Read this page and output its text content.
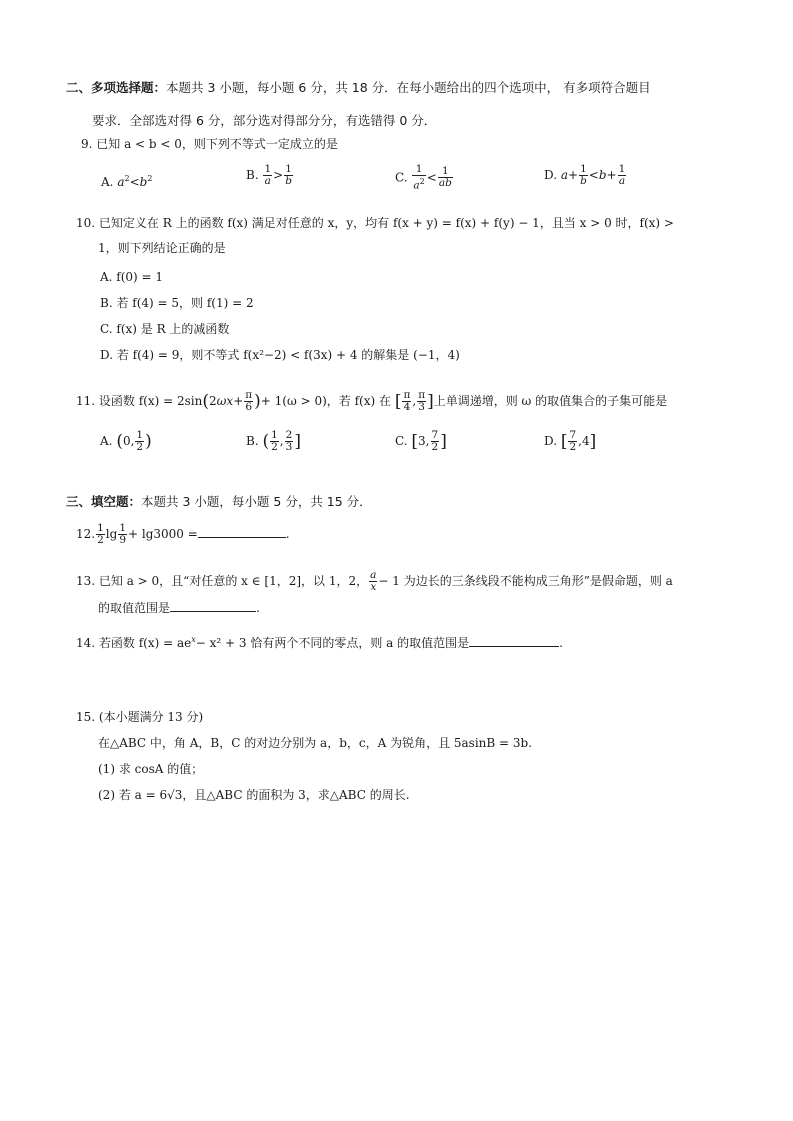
二、多项选择题：本题共 3 小题，每小题 6 分，共 18 分．在每小题给出的四个选项中， 有多项符合题目
要求．全部选对得 6 分，部分选对得部分分，有选错得 0 分．
9. 已知 a < b < 0，则下列不等式一定成立的是
A. $a^2<b^2$	B. $\frac{1}{a} > \frac{1}{b}$	C. $\frac{1}{a^2} < \frac{1}{ab}$	D. $a+ \frac{1}{b} <b+ \frac{1}{a}$
10. 已知定义在 R 上的函数 f(x) 满足对任意的 x，y，均有 f(x + y) = f(x) + f(y) − 1，且当 x > 0 时，f(x) >
1，则下列结论正确的是
A. f(0) = 1
B. 若 f(4) = 5，则 f(1) = 2
C. f(x) 是 R 上的减函数
D. 若 f(4) = 9，则不等式 f(x²−2) < f(3x) + 4 的解集是 (−1，4)
11. 设函数 $f(x) = 2\sin(2\omega x+ \frac{\pi}{6}$ )+ 1(ω > 0)，若 f(x) 在 [ $\frac{\pi}{4}$ , $\frac{\pi}{3}$ ]上单调递增，则 ω 的取值集合的子集可能是
A. (0, $\frac{1}{2}$ )	B. ( $\frac{1}{2}$ , $\frac{2}{3}$ ]	C. [3, $\frac{7}{2}$ ]	D. [ $\frac{7}{2} ,4$]
三、填空题：本题共 3 小题，每小题 5 分，共 15 分．
12. $\frac{1}{2}$ $\lg \frac{1}{9} + \lg 3000$ =	.
13. 已知 a > 0，且“对任意的 x ∈ [1，2]，以 1，2， $\frac{a}{x} - 1$ 为边长的三条线段不能构成三角形”是假命题，则 a
的取值范围是	.
14. 若函数 $f(x) = ae^x- x^2 + 3$ 恰有两个不同的零点，则 a 的取值范围是	.
15. (本小题满分 13 分)
在△ABC 中，角 A，B，C 的对边分别为 a，b，c，A 为锐角，且 5asinB = 3b.
(1) 求 cosA 的值；
(2) 若 a = 6√3，且△ABC 的面积为 3，求△ABC 的周长.
